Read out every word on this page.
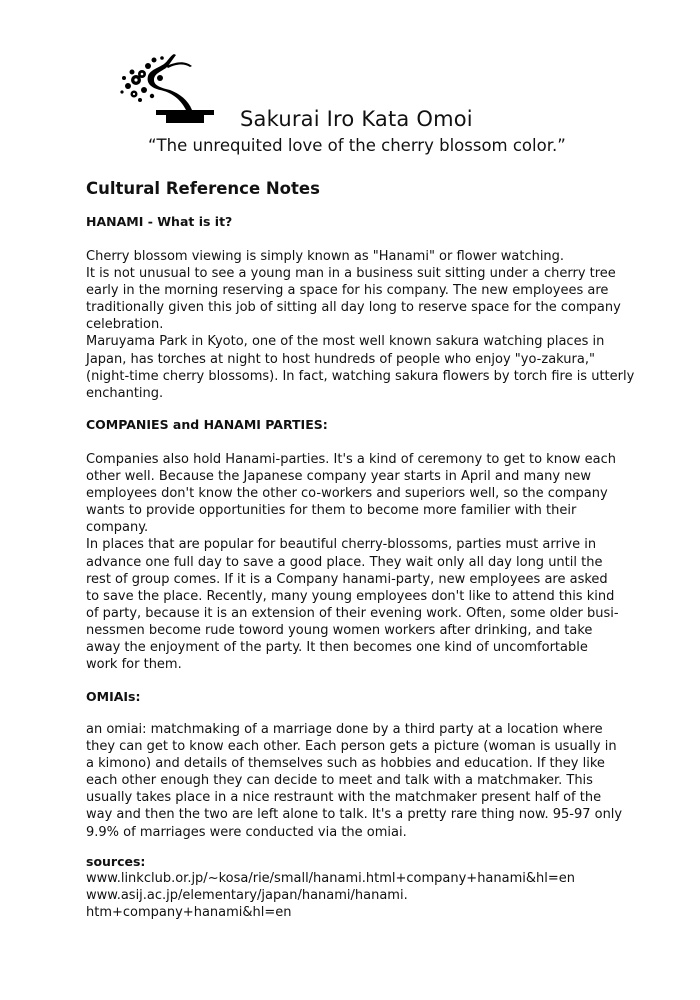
Sakurai Iro Kata Omoi

“The unrequited love of the cherry blossom color.”

Cultural Reference Notes
HANAMI - What is it?

Cherry blossom viewing is simply known as "Hanami" or flower watching.
It is not unusual to see a young man in a business suit sitting under a cherry tree
early in the morning reserving a space for his company. The new employees are
traditionally given this job of sitting all day long to reserve space for the company
celebration.
Maruyama Park in Kyoto, one of the most well known sakura watching places in
Japan, has torches at night to host hundreds of people who enjoy "yo-zakura,"
(night-time cherry blossoms). In fact, watching sakura flowers by torch fire is utterly
enchanting.

COMPANIES and HANAMI PARTIES:

Companies also hold Hanami-parties. It's a kind of ceremony to get to know each
other well. Because the Japanese company year starts in April and many new
employees don't know the other co-workers and superiors well, so the company
wants to provide opportunities for them to become more familier with their
company.
In places that are popular for beautiful cherry-blossoms, parties must arrive in
advance one full day to save a good place. They wait only all day long until the
rest of group comes. If it is a Company hanami-party, new employees are asked
to save the place. Recently, many young employees don't like to attend this kind
of party, because it is an extension of their evening work. Often, some older busi-
nessmen become rude toword young women workers after drinking, and take
away the enjoyment of the party. It then becomes one kind of uncomfortable
work for them.

OMIAIs:

an omiai: matchmaking of a marriage done by a third party at a location where
they can get to know each other. Each person gets a picture (woman is usually in
a kimono) and details of themselves such as hobbies and education. If they like
each other enough they can decide to meet and talk with a matchmaker. This
usually takes place in a nice restraunt with the matchmaker present half of the
way and then the two are left alone to talk. It's a pretty rare thing now. 95-97 only
9.9% of marriages were conducted via the omiai.

sources:

www.linkclub.or.jp/~kosa/rie/small/hanami.html+company+hanami&hl=en
www.asij.ac.jp/elementary/japan/hanami/hanami.
htm+company+hanami&hl=en
